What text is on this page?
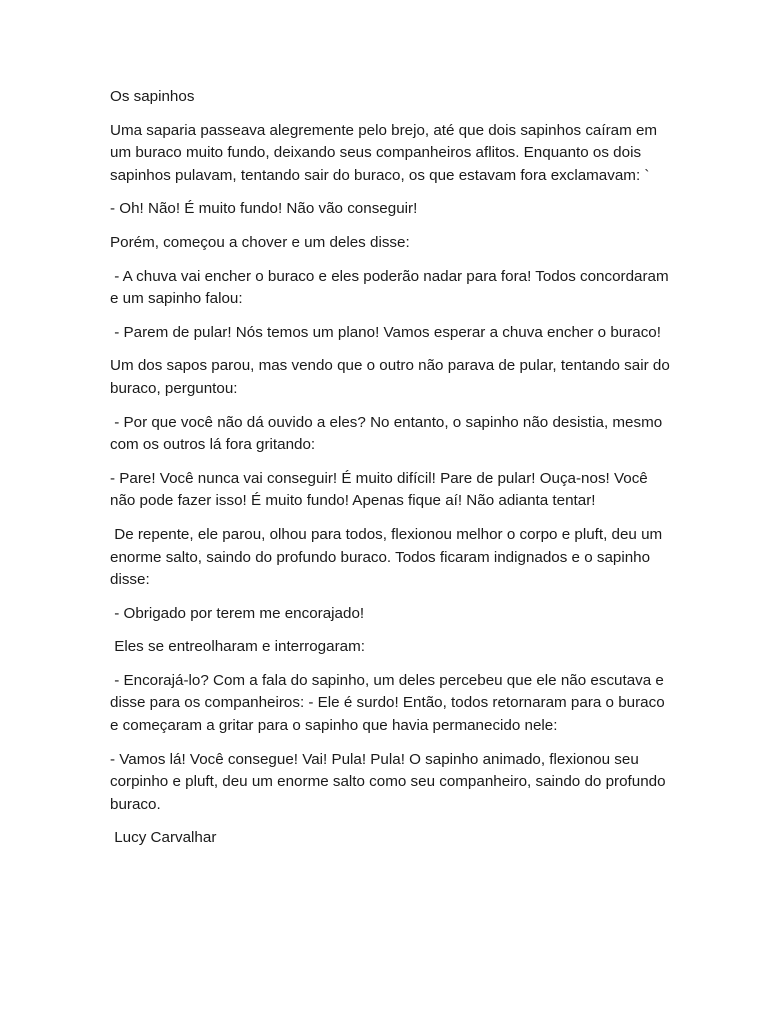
Os sapinhos

Uma saparia passeava alegremente pelo brejo, até que dois sapinhos caíram em um buraco muito fundo, deixando seus companheiros aflitos. Enquanto os dois sapinhos pulavam, tentando sair do buraco, os que estavam fora exclamavam: `

- Oh! Não! É muito fundo! Não vão conseguir!

Porém, começou a chover e um deles disse:

- A chuva vai encher o buraco e eles poderão nadar para fora! Todos concordaram e um sapinho falou:

- Parem de pular! Nós temos um plano! Vamos esperar a chuva encher o buraco!

Um dos sapos parou, mas vendo que o outro não parava de pular, tentando sair do buraco, perguntou:

- Por que você não dá ouvido a eles? No entanto, o sapinho não desistia, mesmo com os outros lá fora gritando:

- Pare! Você nunca vai conseguir! É muito difícil! Pare de pular! Ouça-nos! Você não pode fazer isso! É muito fundo! Apenas fique aí! Não adianta tentar!

De repente, ele parou, olhou para todos, flexionou melhor o corpo e pluft, deu um enorme salto, saindo do profundo buraco. Todos ficaram indignados e o sapinho disse:

- Obrigado por terem me encorajado!

Eles se entreolharam e interrogaram:

- Encorajá-lo? Com a fala do sapinho, um deles percebeu que ele não escutava e disse para os companheiros: - Ele é surdo! Então, todos retornaram para o buraco e começaram a gritar para o sapinho que havia permanecido nele:

- Vamos lá! Você consegue! Vai! Pula! Pula! O sapinho animado, flexionou seu corpinho e pluft, deu um enorme salto como seu companheiro, saindo do profundo buraco.

Lucy Carvalhar
